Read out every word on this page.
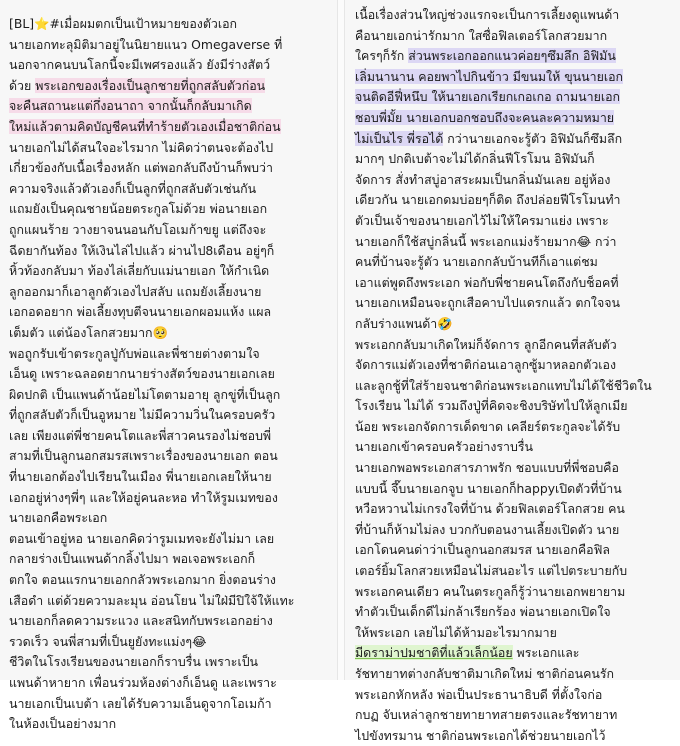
[BL]⭐#เมื่อผมตกเป็นเป้าหมายของตัวเอก
นายเอกทะลุมิติมาอยู่ในนิยายแนว Omegaverse ที่
นอกจากคนบนโลกนี้จะมีเพศรองแล้ว ยังมีร่างสัตว์
ด้วย พระเอกของเรื่องเป็นลูกชายที่ถูกสลับตัวก่อน
จะคืนสถานะแต่กึ่งอนาถา จากนั้นก็กลับมาเกิด
ใหม่แล้วตามคิดบัญชีคนที่ทำร้ายตัวเองเมื่อชาติก่อน
นายเอกไม่ได้สนใจอะไรมาก ไม่คิดว่าตนจะต้องไป
เกี่ยวข้องกับเนื้อเรื่องหลัก แต่พอกลับถึงบ้านก็พบว่า
ความจริงแล้วตัวเองก็เป็นลูกที่ถูกสลับตัวเช่นกัน
แถมยังเป็นคุณชายน้อยตระกูลโม่ด้วย พ่อนายเอก
ถูกแผนร้าย วางยาจนนอนกับโอเมก้าขยู แต่ถึงจะ
ฉีดยากันท้อง ให้เงินไล่ไปแล้ว ผ่านไป8เดือน อยู่ๆก็
หิ้วท้องกลับมา ท้องไล่เลี่ยกับแม่นายเอก ให้กำเนิด
ลูกออกมาก็เอาลูกตัวเองไปสลับ แถมยังเลี้ยงนาย
เอกอดอยาก พ่อเลี้ยงทุบตีจนนายเอกผอมแห้ง แผล
เต็มตัว แต่น้องโลกสวยมาก🥺
พอถูกรับเข้าตระกูลปู่กับพ่อและพี่ชายต่างตามใจ
เอ็นดู เพราะฉลอดยากนายร่างสัตว์ของนายเอกเลย
ผิดปกติ เป็นแพนด้าน้อยไม่โตตามอายุ ลูกขู่ที่เป็นลูก
ที่ถูกสลับตัวก็เป็นอูหมาย ไม่มีความวิ่นในครอบครัว
เลย เพียงแต่พี่ชายคนโตและพี่สาวคนรองไม่ชอบพี่
สามที่เป็นลูกนอกสมรสเพราะเรื่องของนายเอก ตอน
ที่นายเอกต้องไปเรียนในเมือง พี่นายเอกเลยให้นาย
เอกอยู่ห่างๆพี่ๆ และให้อยู่คนละหอ ทำให้รูมเมทของ
นายเอกคือพระเอก
ตอนเข้าอยู่หอ นายเอกคิดว่ารูมเมทจะยังไม่มา เลย
กลายร่างเป็นแพนด้ากลิ้งไปมา พอเจอพระเอกก็
ตกใจ ตอนแรกนายเอกกลัวพระเอกมาก ยิ่งตอนร่าง
เสือดำ แต่ด้วยความละมุน อ่อนโยน ไม่ใฝ่มีปิใจ้ให้แทะ
นายเอกก็ลดความระแวง และสนิทกับพระเอกอย่าง
รวดเร็ว จนพี่สามที่เป็นยูยังทะแม่งๆ😂
ชีวิตในโรงเรียนของนายเอกก็ราบรื่น เพราะเป็น
แพนด้าหายาก เพื่อนร่วมห้องต่างก็เอ็นดู และเพราะ
นายเอกเป็นเบต้า เลยได้รับความเอ็นดูจากโอเมก้า
ในห้องเป็นอย่างมาก
เนื้อเรื่องส่วนใหญ่ช่วงแรกจะเป็นการเลี้ยงดูแพนด้า
คือนายเอกน่ารักมาก ใสซื่อฟิลเตอร์โลกสวยมาก
ใครๆก็รัก ส่วนพระเอกออกแนวค่อยๆซึมลึก อิฟิมัน
เลิ่มนานาน คอยพาไปกินข้าว มีขนมให้ ขุนนายเอก
จนติดอีฟี่หนึบ ให้นายเอกเรียกเกอเกอ ถามนายเอก
ชอบพี่มั้ย นายเอกบอกชอบถึงจะคนละความหมาย
ไม่เป็นไร พี่รอได้ กว่านายเอกจะรู้ตัว อิฟิมันก็ซึมลึก
มากๆ ปกติเบต้าจะไม่ได้กลิ่นฟีโรโมน อิฟิมันก็
จัดการ สั่งทำสบู่อาสระผมเป็นกลิ่นมันเลย อยู่ห้อง
เดียวกัน นายเอกดมบ่อยๆก็ติด ถึงปล่อยฟีโรโมนทำ
ตัวเป็นเจ้าของนายเอกไว้ไม่ให้ใครมาแย่ง เพราะ
นายเอกก็ใช้สบู่กลิ่นนี้ พระเอกแม่งร้ายมาก😂 กว่า
คนที่บ้านจะรู้ตัว นายเอกกลับบ้านทีก็เอาแต่ชม
เอาแต่พูดถึงพระเอก พ่อกับพี่ชายคนโตถึงกับช็อคที่
นายเอกเหมือนจะถูกเสือคาบไปแดรกแล้ว ตกใจจน
กลับร่างแพนด้า🤣
พระเอกกลับมาเกิดใหม่ก็จัดการ ลูกอีกคนที่สลับตัว
จัดการแม่ตัวเองที่ชาติก่อนเอาลูกซู้มาหลอกตัวเอง
และลูกชู้ที่ใส่ร้ายจนชาติก่อนพระเอกแทบไม่ได้ใช้ชีวิตใน
โรงเรียน ไม่ได้ รวมถึงปู่ที่คิดจะชิงบริษัทไปให้ลูกเมีย
น้อย พระเอกจัดการเด็ดขาด เคลียร์ตระกูลจะได้รับ
นายเอกเข้าครอบครัวอย่างราบรื่น
นายเอกพอพระเอกสารภาพรัก ชอบแบบที่พี่ชอบคือ
แบบนี้ จึ๊บนายเอกจูบ นายเอกก็happyเปิดตัวที่บ้าน
หวือหวานไม่เกรงใจที่บ้าน ด้วยฟิลเตอร์โลกสวย คน
ที่บ้านก็ห้ามไม่ลง บวกกับตอนงานเลี้ยงเปิดตัว นาย
เอกโดนคนด่าว่าเป็นลูกนอกสมรส นายเอกคือฟิล
เตอร์ยิ้มโลกสวยเหมือนไม่สนอะไร แต่ไปตระบายกับ
พระเอกคนเดียว คนในตระกูลก็รู้ว่านายเอกพยายาม
ทำตัวเป็นเด็กดีไม่กล้าเรียกร้อง พ่อนายเอกเปิดใจ
ให้พระเอก เลยไม่ได้ห้ามอะไรมากมาย
มีดราม่าปมชาติที่แล้วเล็กน้อย พระเอกและ
รัชทายาทต่างกลับชาติมาเกิดใหม่ ชาติก่อนคนรัก
พระเอกหักหลัง พ่อเป็นประธานาธิบดี ที่ตั้งใจก่อ
กบฏ จับเหล่าลูกชายทายาทสายตรงและรัชทายาท
ไปขังทรมาน ชาติก่อนพระเอกได้ช่วยนายเอกไว้
